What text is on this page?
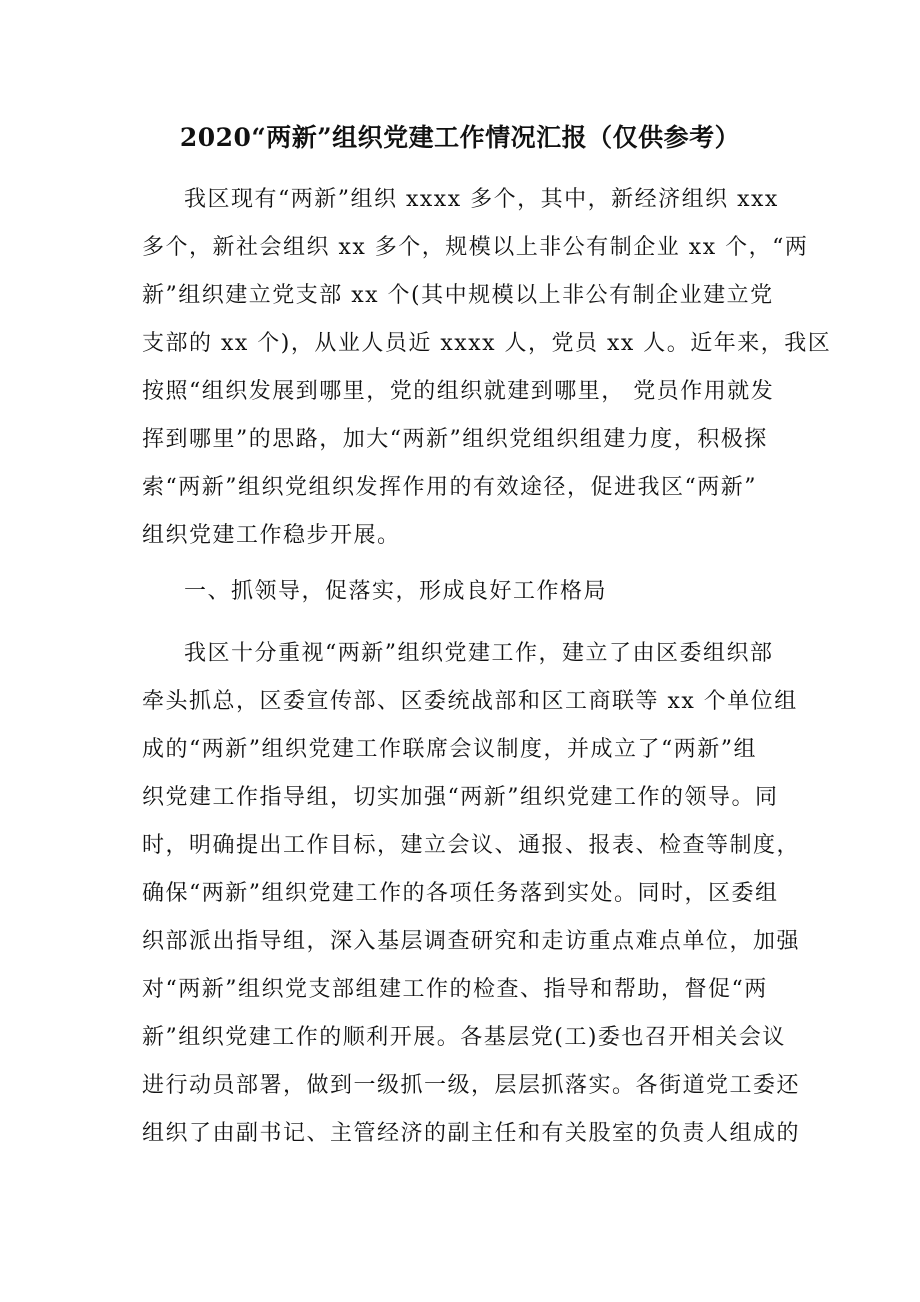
2020“两新”组织党建工作情况汇报（仅供参考）
我区现有“两新”组织 xxxx 多个，其中，新经济组织 xxx
多个，新社会组织 xx 多个，规模以上非公有制企业 xx 个，“两
新”组织建立党支部 xx 个(其中规模以上非公有制企业建立党
支部的 xx 个)，从业人员近 xxxx 人，党员 xx 人。近年来，我区
按照“组织发展到哪里，党的组织就建到哪里， 党员作用就发
挥到哪里”的思路，加大“两新”组织党组织组建力度，积极探
索“两新”组织党组织发挥作用的有效途径，促进我区“两新”
组织党建工作稳步开展。
一、抓领导，促落实，形成良好工作格局
我区十分重视“两新”组织党建工作，建立了由区委组织部
牵头抓总，区委宣传部、区委统战部和区工商联等 xx 个单位组
成的“两新”组织党建工作联席会议制度，并成立了“两新”组
织党建工作指导组，切实加强“两新”组织党建工作的领导。同
时，明确提出工作目标，建立会议、通报、报表、检查等制度，
确保“两新”组织党建工作的各项任务落到实处。同时，区委组
织部派出指导组，深入基层调查研究和走访重点难点单位，加强
对“两新”组织党支部组建工作的检查、指导和帮助，督促“两
新”组织党建工作的顺利开展。各基层党(工)委也召开相关会议
进行动员部署，做到一级抓一级，层层抓落实。各街道党工委还
组织了由副书记、主管经济的副主任和有关股室的负责人组成的
